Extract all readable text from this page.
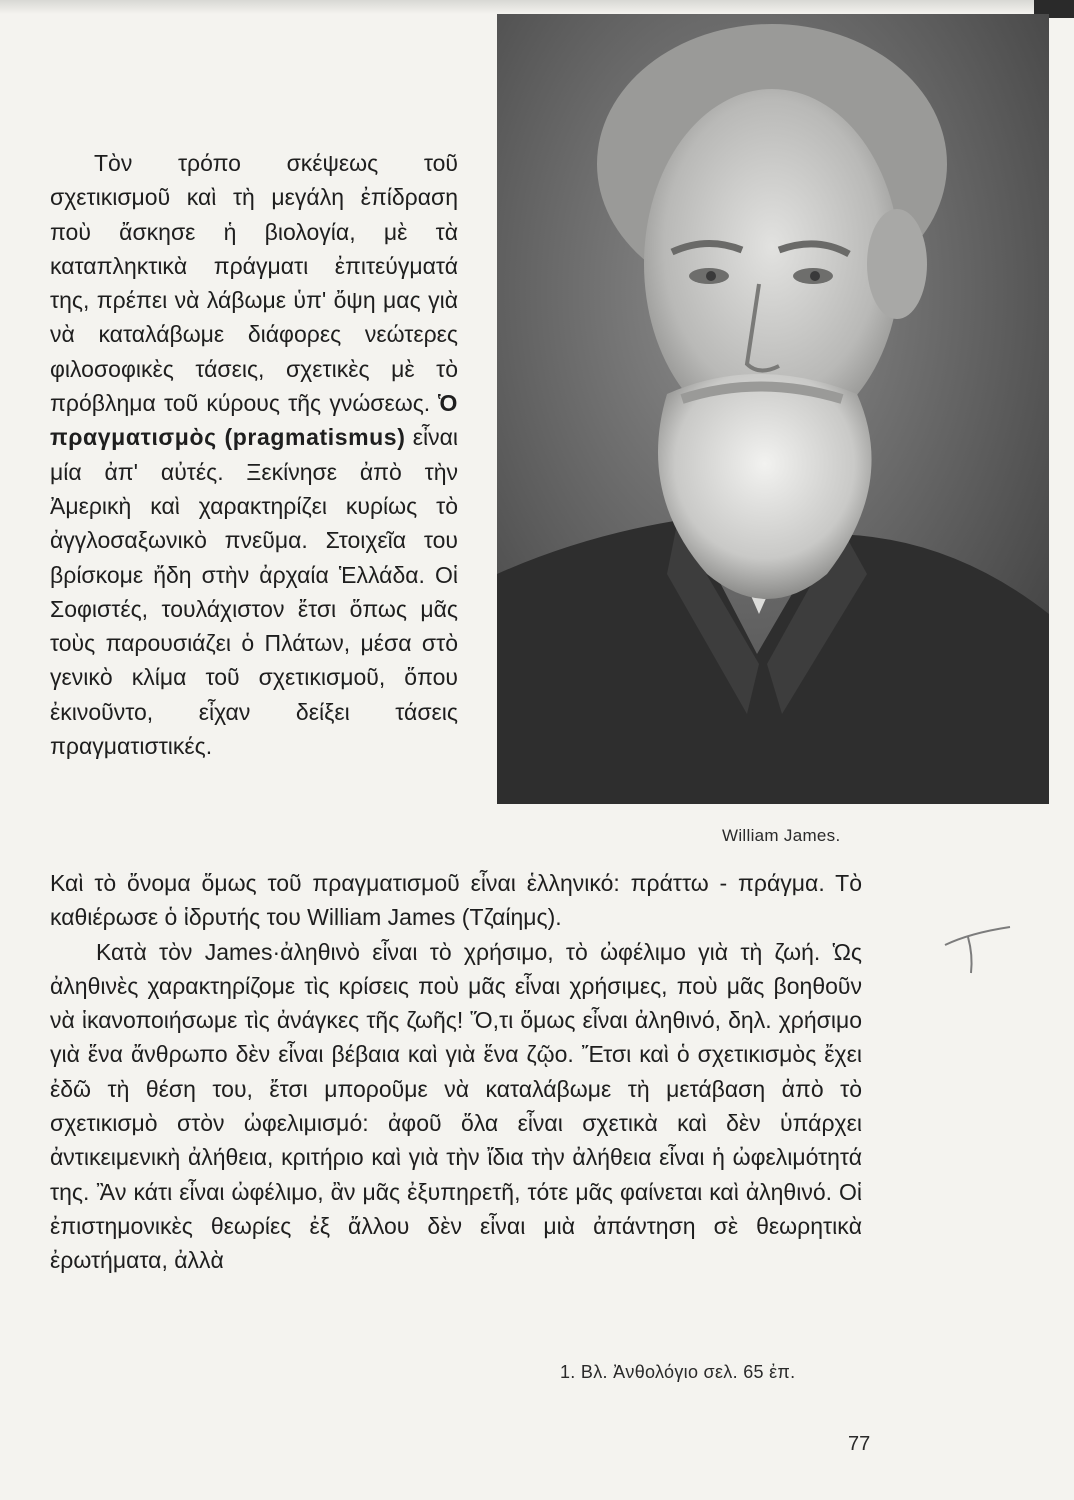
William James.

Τὸν τρόπο σκέψεως τοῦ σχετικισμοῦ καὶ τὴ μεγάλη ἐπίδραση ποὺ ἄσκησε ἡ βιολογία, μὲ τὰ καταπληκτικὰ πράγματι ἐπιτεύγματά της, πρέπει νὰ λάβωμε ὑπ' ὄψη μας γιὰ νὰ καταλάβωμε διάφορες νεώτερες φιλοσοφικὲς τάσεις, σχετικὲς μὲ τὸ πρόβλημα τοῦ κύρους τῆς γνώσεως. Ὁ πραγματισμὸς (pragmatismus) εἶναι μία ἀπ' αὐτές. Ξεκίνησε ἀπὸ τὴν Ἀμερικὴ καὶ χαρακτηρίζει κυρίως τὸ ἀγγλοσαξωνικὸ πνεῦμα. Στοιχεῖα του βρίσκομε ἤδη στὴν ἀρχαία Ἑλλάδα. Οἱ Σοφιστές, τουλάχιστον ἔτσι ὅπως μᾶς τοὺς παρουσιάζει ὁ Πλάτων, μέσα στὸ γενικὸ κλίμα τοῦ σχετικισμοῦ, ὅπου ἐκινοῦντο, εἶχαν δείξει τάσεις πραγματιστικές.

Καὶ τὸ ὄνομα ὅμως τοῦ πραγματισμοῦ εἶναι ἑλληνικό: πράττω - πράγμα. Τὸ καθιέρωσε ὁ ἱδρυτής του William James (Τζαίημς).

Κατὰ τὸν James·ἀληθινὸ εἶναι τὸ χρήσιμο, τὸ ὠφέλιμο γιὰ τὴ ζωή. Ὡς ἀληθινὲς χαρακτηρίζομε τὶς κρίσεις ποὺ μᾶς εἶναι χρήσιμες, ποὺ μᾶς βοηθοῦν νὰ ἱκανοποιήσωμε τὶς ἀνάγκες τῆς ζωῆς! Ὅ,τι ὅμως εἶναι ἀληθινό, δηλ. χρήσιμο γιὰ ἕνα ἄνθρωπο δὲν εἶναι βέβαια καὶ γιὰ ἕνα ζῷο. Ἔτσι καὶ ὁ σχετικισμὸς ἔχει ἐδῶ τὴ θέση του, ἔτσι μποροῦμε νὰ καταλάβωμε τὴ μετάβαση ἀπὸ τὸ σχετικισμὸ στὸν ὠφελιμισμό: ἀφοῦ ὅλα εἶναι σχετικὰ καὶ δὲν ὑπάρχει ἀντικειμενικὴ ἀλήθεια, κριτήριο καὶ γιὰ τὴν ἴδια τὴν ἀλήθεια εἶναι ἡ ὠφελιμότητά της. Ἂν κάτι εἶναι ὠφέλιμο, ἂν μᾶς ἐξυπηρετῆ, τότε μᾶς φαίνεται καὶ ἀληθινό. Οἱ ἐπιστημονικὲς θεωρίες ἐξ ἄλλου δὲν εἶναι μιὰ ἀπάντηση σὲ θεωρητικὰ ἐρωτήματα, ἀλλὰ

1. Βλ. Ἀνθολόγιο σελ. 65 ἐπ.
77
